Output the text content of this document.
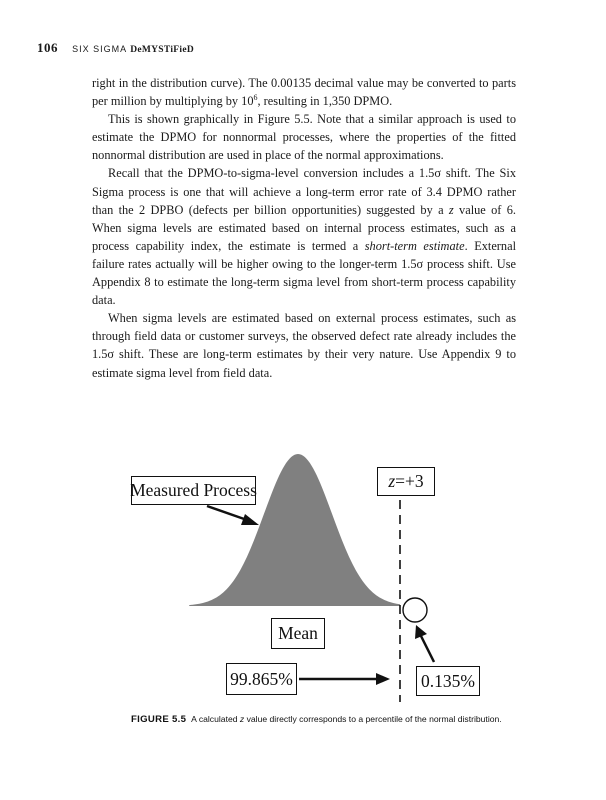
106 SIX SIGMA DeMYSTiFieD

right in the distribution curve). The 0.00135 decimal value may be converted to parts per million by multiplying by $10^6$, resulting in 1,350 DPMO.

This is shown graphically in Figure 5.5. Note that a similar approach is used to estimate the DPMO for nonnormal processes, where the properties of the fitted nonnormal distribution are used in place of the normal approximations.

Recall that the DPMO-to-sigma-level conversion includes a 1.5σ shift. The Six Sigma process is one that will achieve a long-term error rate of 3.4 DPMO rather than the 2 DPBO (defects per billion opportunities) suggested by a z value of 6. When sigma levels are estimated based on internal process estimates, such as a process capability index, the estimate is termed a short-term estimate. External failure rates actually will be higher owing to the longer-term 1.5σ process shift. Use Appendix 8 to estimate the long-term sigma level from short-term process capability data.

When sigma levels are estimated based on external process estimates, such as through field data or customer surveys, the observed defect rate already includes the 1.5σ shift. These are long-term estimates by their very nature. Use Appendix 9 to estimate sigma level from field data.

Measured Process	z =+3
Mean
99.865%	0.135%
FIGURE 5.5 A calculated z value directly corresponds to a percentile of the normal distribution.
